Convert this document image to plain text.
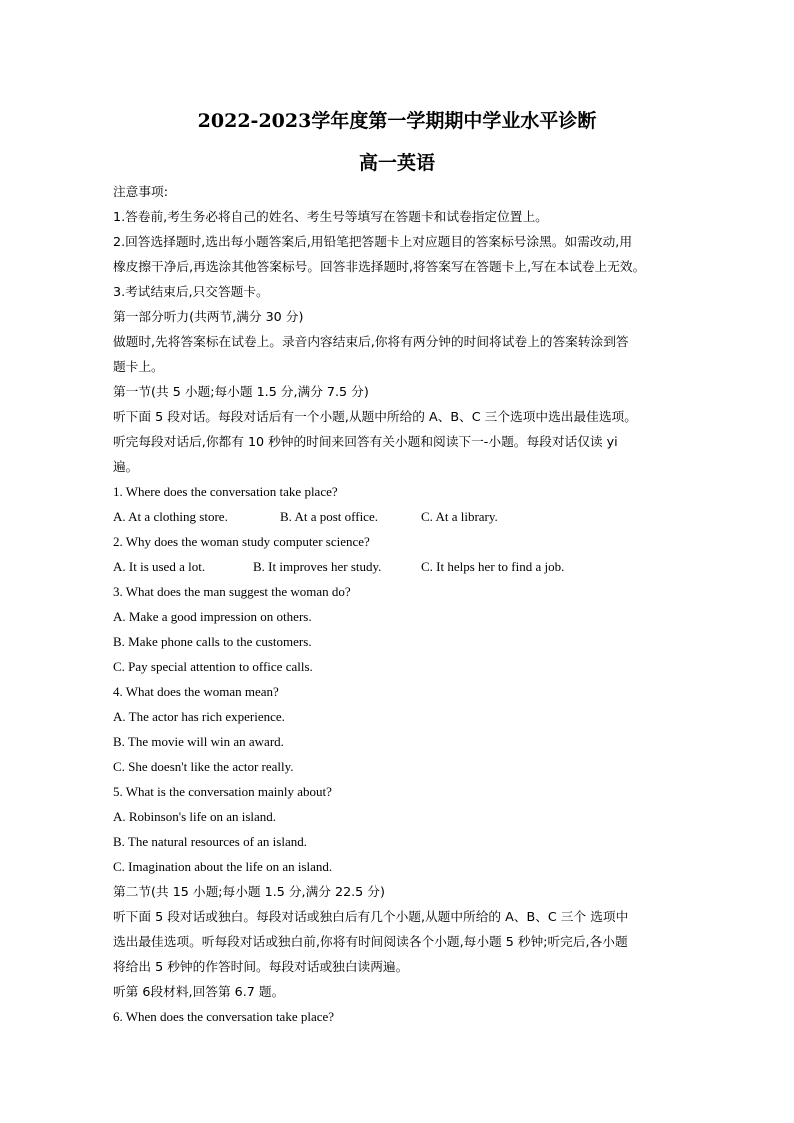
2022-2023学年度第一学期期中学业水平诊断
高一英语
注意事项:
1.答卷前,考生务必将自己的姓名、考生号等填写在答题卡和试卷指定位置上。
2.回答选择题时,选出每小题答案后,用铅笔把答题卡上对应题目的答案标号涂黑。如需改动,用
橡皮擦干净后,再选涂其他答案标号。回答非选择题时,将答案写在答题卡上,写在本试卷上无效。
3.考试结束后,只交答题卡。
第一部分听力(共两节,满分 30 分)
做题时,先将答案标在试卷上。录音内容结束后,你将有两分钟的时间将试卷上的答案转涂到答
题卡上。
第一节(共 5 小题;每小题 1.5 分,满分 7.5 分)
听下面 5 段对话。每段对话后有一个小题,从题中所给的 A、B、C 三个选项中选出最佳选项。
听完每段对话后,你都有 10 秒钟的时间来回答有关小题和阅读下一-小题。每段对话仅读 yi
遍。
1. Where does the conversation take place?
A. At a clothing store.	B. At a post office.	C. At a library.
2. Why does the woman study computer science?
A. It is used a lot.	B. It improves her study.	C. It helps her to find a job.
3. What does the man suggest the woman do?
A. Make a good impression on others.
B. Make phone calls to the customers.
C. Pay special attention to office calls.
4. What does the woman mean?
A. The actor has rich experience.
B. The movie will win an award.
C. She doesn't like the actor really.
5. What is the conversation mainly about?
A. Robinson's life on an island.
B. The natural resources of an island.
C. Imagination about the life on an island.
第二节(共 15 小题;每小题 1.5 分,满分 22.5 分)
听下面 5 段对话或独白。每段对话或独白后有几个小题,从题中所给的 A、B、C 三个 选项中
选出最佳选项。听每段对话或独白前,你将有时间阅读各个小题,每小题 5 秒钟;听完后,各小题
将给出 5 秒钟的作答时间。每段对话或独白读两遍。
听第 6段材料,回答第 6.7 题。
6. When does the conversation take place?
